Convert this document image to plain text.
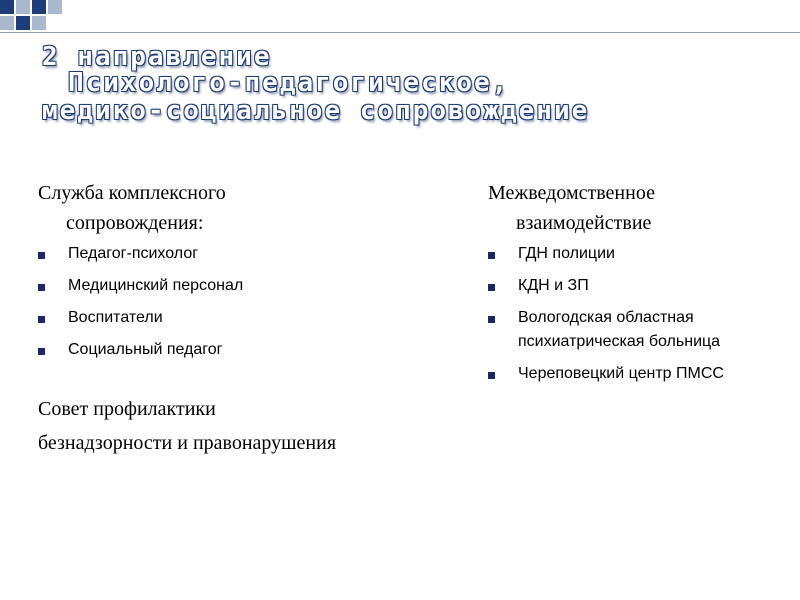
2 направление
Психолого-педагогическое,
медико-социальное сопровождение

Служба комплексного
сопровождения:

Педагог-психолог
Медицинский персонал
Воспитатели
Социальный педагог
Совет профилактики
безнадзорности и правонарушения

Межведомственное
взаимодействие

ГДН полиции
КДН и ЗП
Вологодская областная психиатрическая больница
Череповецкий центр ПМСС
